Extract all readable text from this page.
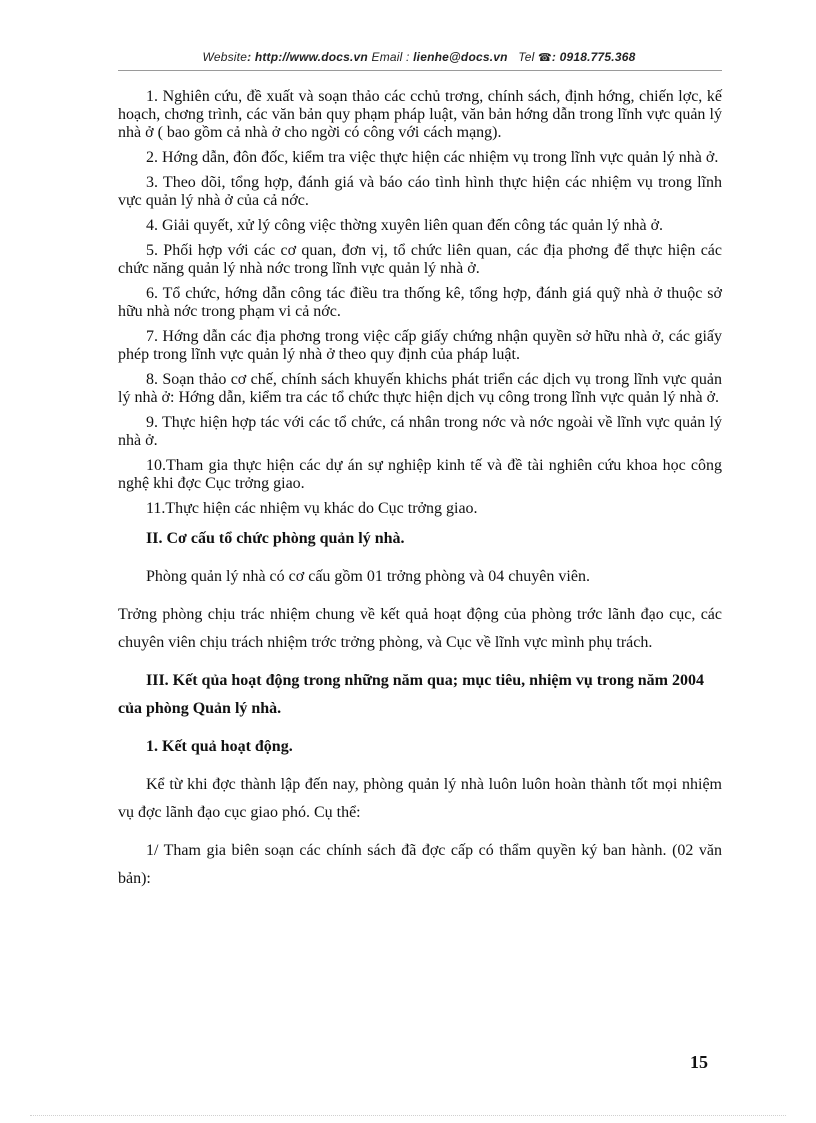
Website: http://www.docs.vn Email : lienhe@docs.vn Tel ☎: 0918.775.368

1. Nghiên cứu, đề xuất và soạn thảo các cchủ trơng, chính sách, định hớng, chiến lợc, kế hoạch, chơng trình, các văn bản quy phạm pháp luật, văn bản hớng dẫn trong lĩnh vực quản lý nhà ở ( bao gồm cả nhà ở cho ngời có công với cách mạng).

2. Hớng dẫn, đôn đốc, kiểm tra việc thực hiện các nhiệm vụ trong lĩnh vực quản lý nhà ở.

3. Theo dõi, tổng hợp, đánh giá và báo cáo tình hình thực hiện các nhiệm vụ trong lĩnh vực quản lý nhà ở của cả nớc.

4. Giải quyết, xử lý công việc thờng xuyên liên quan đến công tác quản lý nhà ở.

5. Phối hợp với các cơ quan, đơn vị, tổ chức liên quan, các địa phơng để thực hiện các chức năng quản lý nhà nớc trong lĩnh vực quản lý nhà ở.

6. Tổ chức, hớng dẫn công tác điều tra thống kê, tổng hợp, đánh giá quỹ nhà ở thuộc sở hữu nhà nớc trong phạm vi cả nớc.

7. Hớng dẫn các địa phơng trong việc cấp giấy chứng nhận quyền sở hữu nhà ở, các giấy phép trong lĩnh vực quản lý nhà ở theo quy định của pháp luật.

8. Soạn thảo cơ chế, chính sách khuyến khichs phát triển các dịch vụ trong lĩnh vực quản lý nhà ở: Hớng dẫn, kiểm tra các tổ chức thực hiện dịch vụ công trong lĩnh vực quản lý nhà ở.

9. Thực hiện hợp tác với các tổ chức, cá nhân trong nớc và nớc ngoài về lĩnh vực quản lý nhà ở.

10.Tham gia thực hiện các dự án sự nghiệp kinh tế và đề tài nghiên cứu khoa học công nghệ khi đợc Cục trởng giao.

11.Thực hiện các nhiệm vụ khác do Cục trởng giao.

II. Cơ cấu tổ chức phòng quản lý nhà.

Phòng quản lý nhà có cơ cấu gồm 01 trởng phòng và 04 chuyên viên.

Trởng phòng chịu trác nhiệm chung về kết quả hoạt động của phòng trớc lãnh đạo cục, các chuyên viên chịu trách nhiệm trớc trởng phòng, và Cục về lĩnh vực mình phụ trách.

III. Kết qủa hoạt động trong những năm qua; mục tiêu, nhiệm vụ trong năm 2004 của phòng Quản lý nhà.

1. Kết quả hoạt động.

Kể từ khi đợc thành lập đến nay, phòng quản lý nhà luôn luôn hoàn thành tốt mọi nhiệm vụ đợc lãnh đạo cục giao phó. Cụ thể:

1/ Tham gia biên soạn các chính sách đã đợc cấp có thẩm quyền ký ban hành. (02 văn bản):

15
